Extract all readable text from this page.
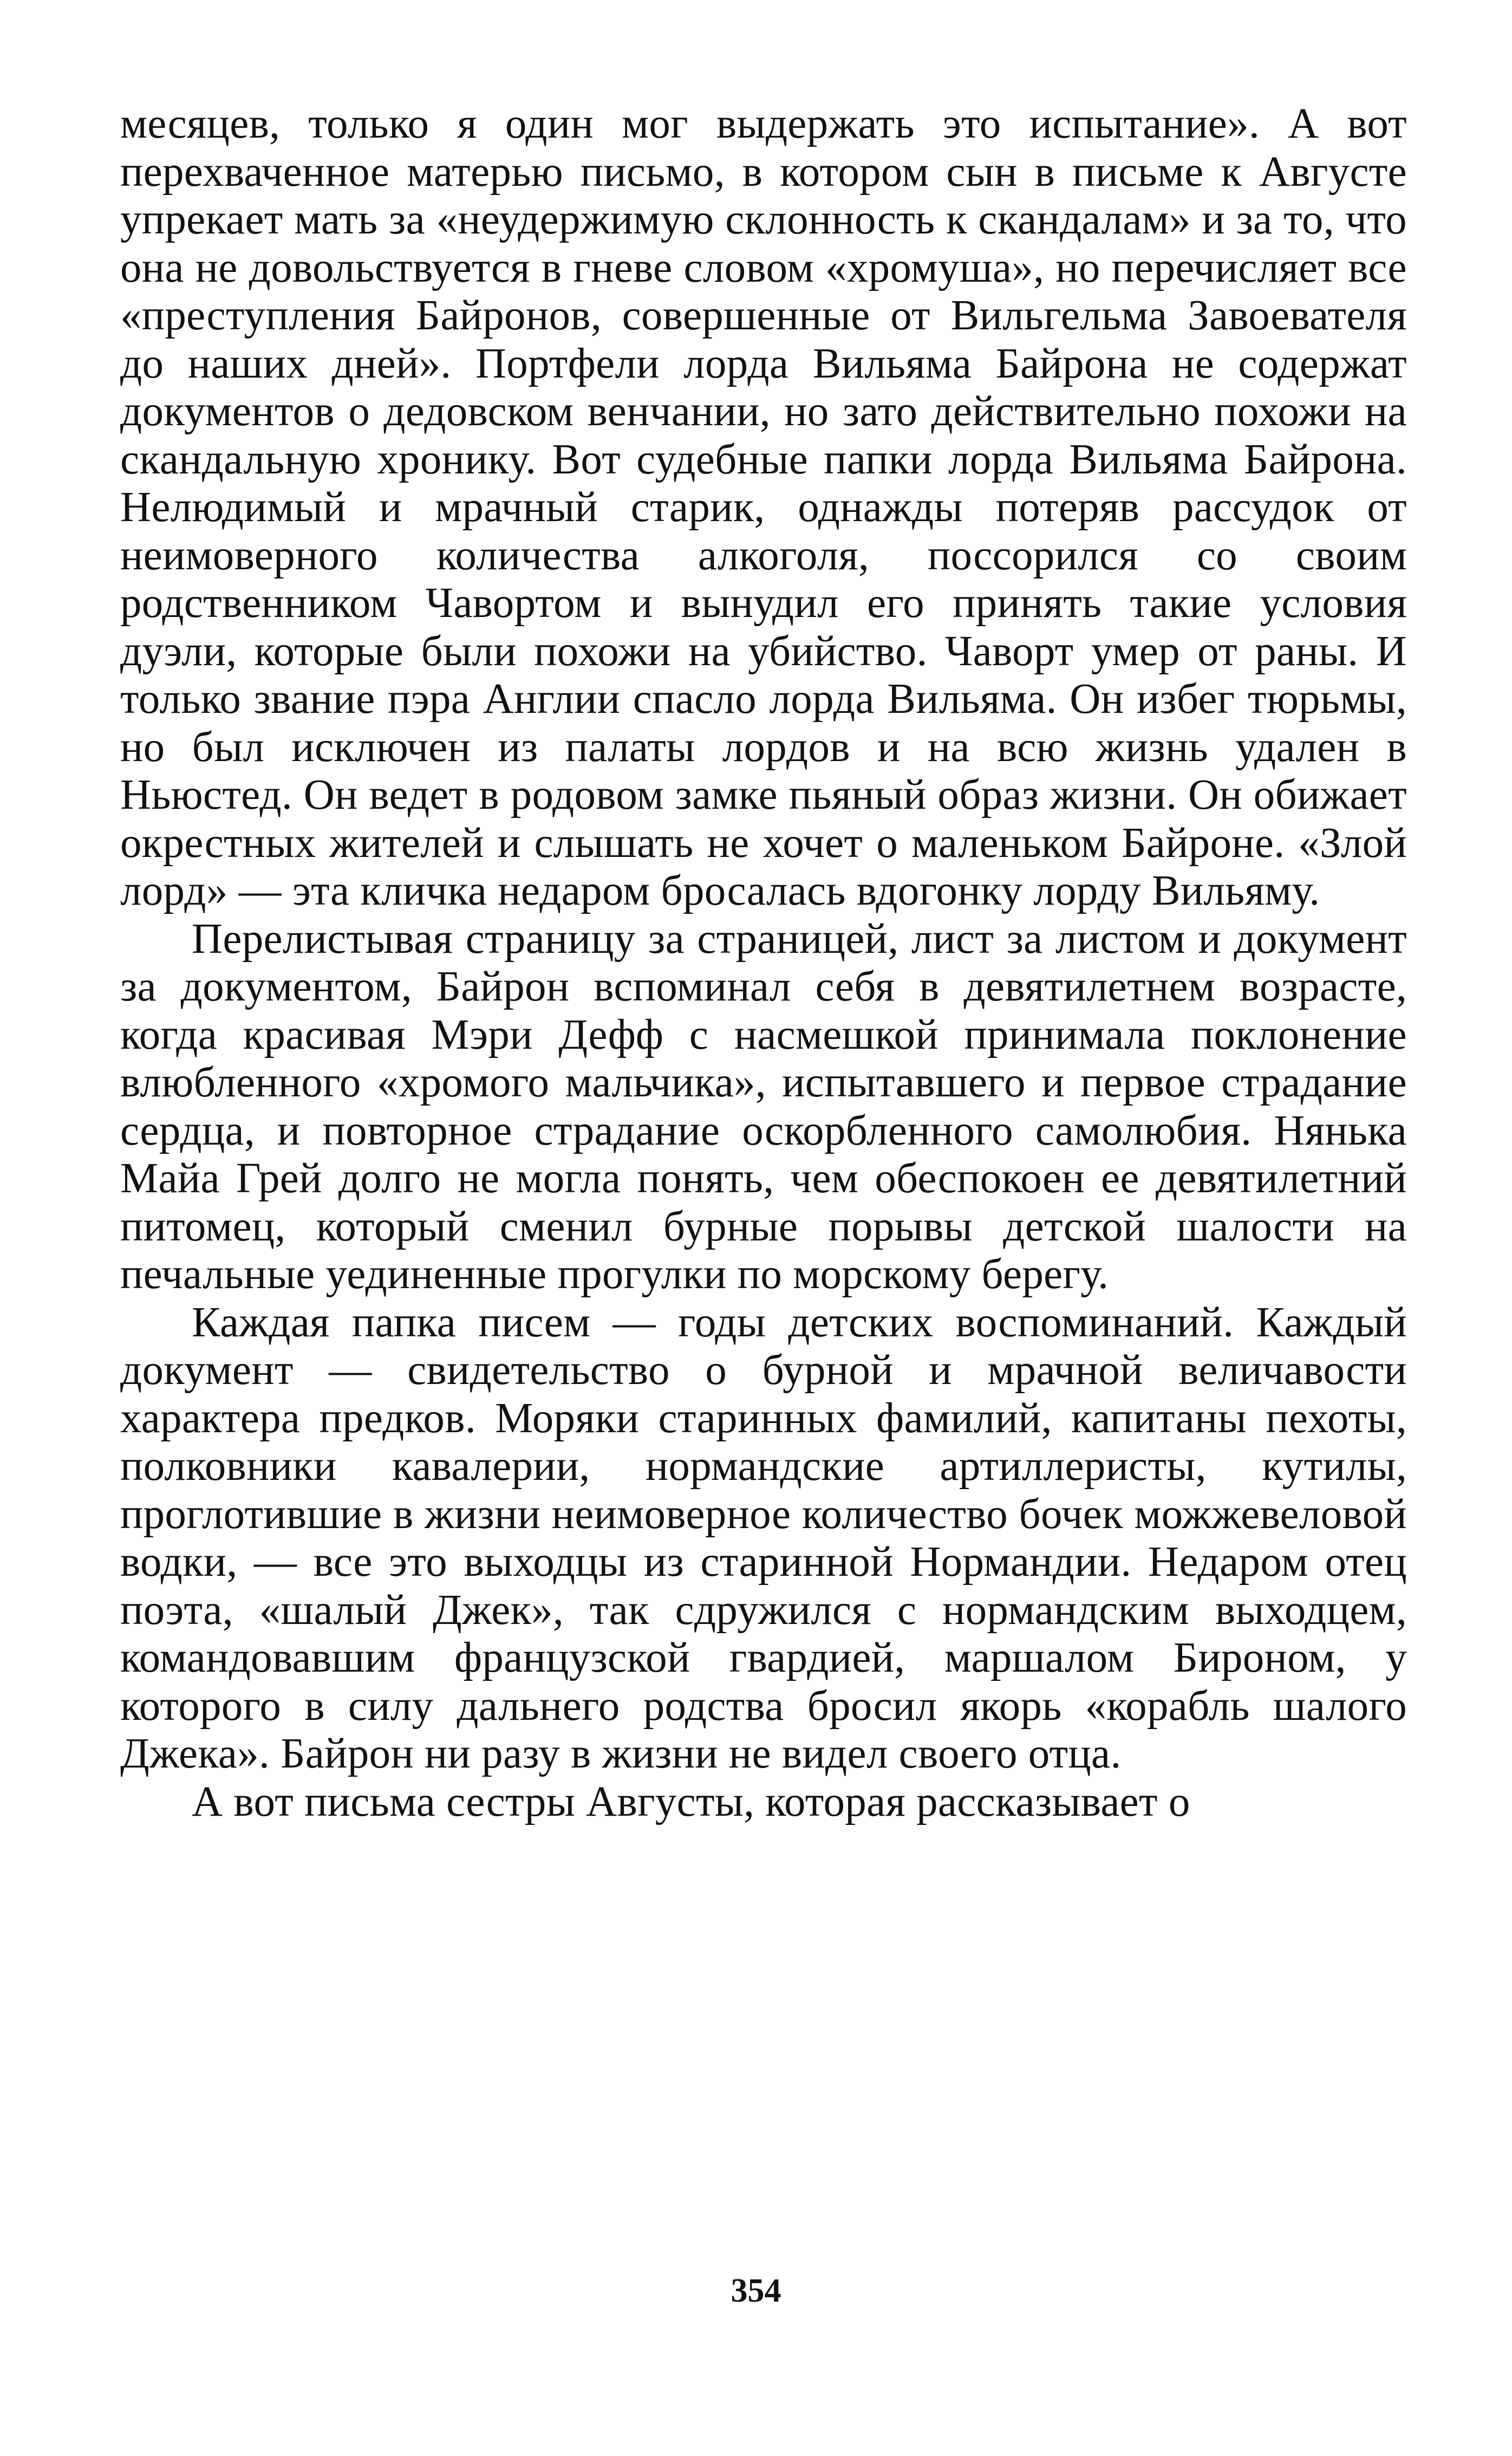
месяцев, только я один мог выдержать это испытание». А вот перехваченное матерью письмо, в котором сын в письме к Августе упрекает мать за «неудержимую склонность к скандалам» и за то, что она не довольствуется в гневе словом «хромуша», но перечисляет все «преступления Байронов, совершенные от Вильгельма Завоевателя до наших дней». Портфели лорда Вильяма Байрона не содержат документов о дедовском венчании, но зато действительно похожи на скандальную хронику. Вот судебные папки лорда Вильяма Байрона. Нелюдимый и мрачный старик, однажды потеряв рассудок от неимоверного количества алкоголя, поссорился со своим родственником Чавортом и вынудил его принять такие условия дуэли, которые были похожи на убийство. Чаворт умер от раны. И только звание пэра Англии спасло лорда Вильяма. Он избег тюрьмы, но был исключен из палаты лордов и на всю жизнь удален в Ньюстед. Он ведет в родовом замке пьяный образ жизни. Он обижает окрестных жителей и слышать не хочет о маленьком Байроне. «Злой лорд» — эта кличка недаром бросалась вдогонку лорду Вильяму.

Перелистывая страницу за страницей, лист за листом и документ за документом, Байрон вспоминал себя в девятилетнем возрасте, когда красивая Мэри Дефф с насмешкой принимала поклонение влюбленного «хромого мальчика», испытавшего и первое страдание сердца, и повторное страдание оскорбленного самолюбия. Нянька Майа Грей долго не могла понять, чем обеспокоен ее девятилетний питомец, который сменил бурные порывы детской шалости на печальные уединенные прогулки по морскому берегу.

Каждая папка писем — годы детских воспоминаний. Каждый документ — свидетельство о бурной и мрачной величавости характера предков. Моряки старинных фамилий, капитаны пехоты, полковники кавалерии, нормандские артиллеристы, кутилы, проглотившие в жизни неимоверное количество бочек можжевеловой водки, — все это выходцы из старинной Нормандии. Недаром отец поэта, «шалый Джек», так сдружился с нормандским выходцем, командовавшим французской гвардией, маршалом Бироном, у которого в силу дальнего родства бросил якорь «корабль шалого Джека». Байрон ни разу в жизни не видел своего отца.

А вот письма сестры Августы, которая рассказывает о

354
